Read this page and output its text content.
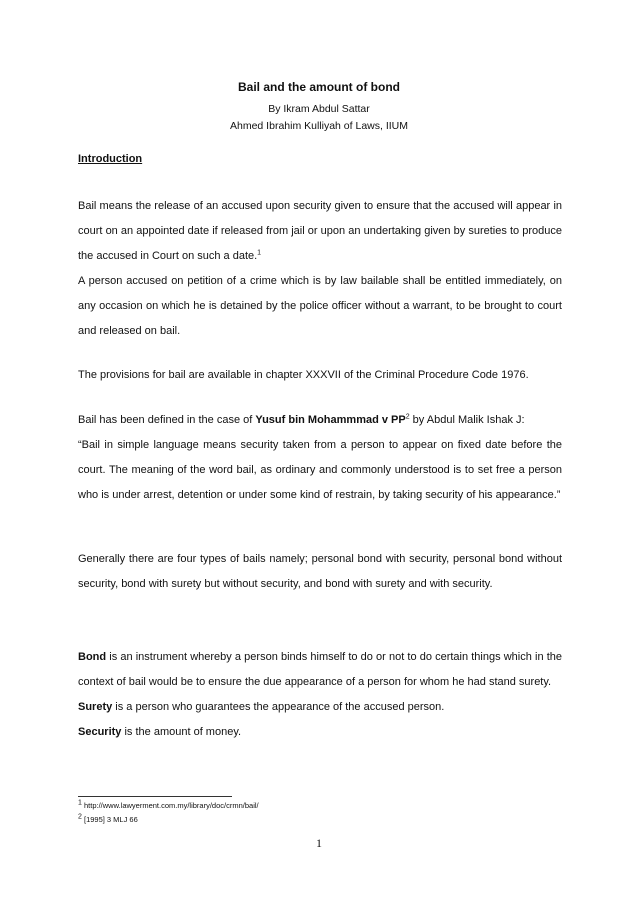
Bail and the amount of bond
By Ikram Abdul Sattar
Ahmed Ibrahim Kulliyah of Laws, IIUM
Introduction

Bail means the release of an accused upon security given to ensure that the accused will appear in court on an appointed date if released from jail or upon an undertaking given by sureties to produce the accused in Court on such a date.$^1$

A person accused on petition of a crime which is by law bailable shall be entitled immediately, on any occasion on which he is detained by the police officer without a warrant, to be brought to court and released on bail.

The provisions for bail are available in chapter XXXVII of the Criminal Procedure Code 1976.

Bail has been defined in the case of Yusuf bin Mohammmad v $PP^2$ by Abdul Malik Ishak J:

“Bail in simple language means security taken from a person to appear on fixed date before the court. The meaning of the word bail, as ordinary and commonly understood is to set free a person who is under arrest, detention or under some kind of restrain, by taking security of his appearance.”

Generally there are four types of bails namely; personal bond with security, personal bond without security, bond with surety but without security, and bond with surety and with security.

Bond is an instrument whereby a person binds himself to do or not to do certain things which in the context of bail would be to ensure the due appearance of a person for whom he had stand surety.

Surety is a person who guarantees the appearance of the accused person.

Security is the amount of money.

$^1$ http://www.lawyerment.com.my/library/doc/crmn/bail/
$^2$ [1995] 3 MLJ 66
1
